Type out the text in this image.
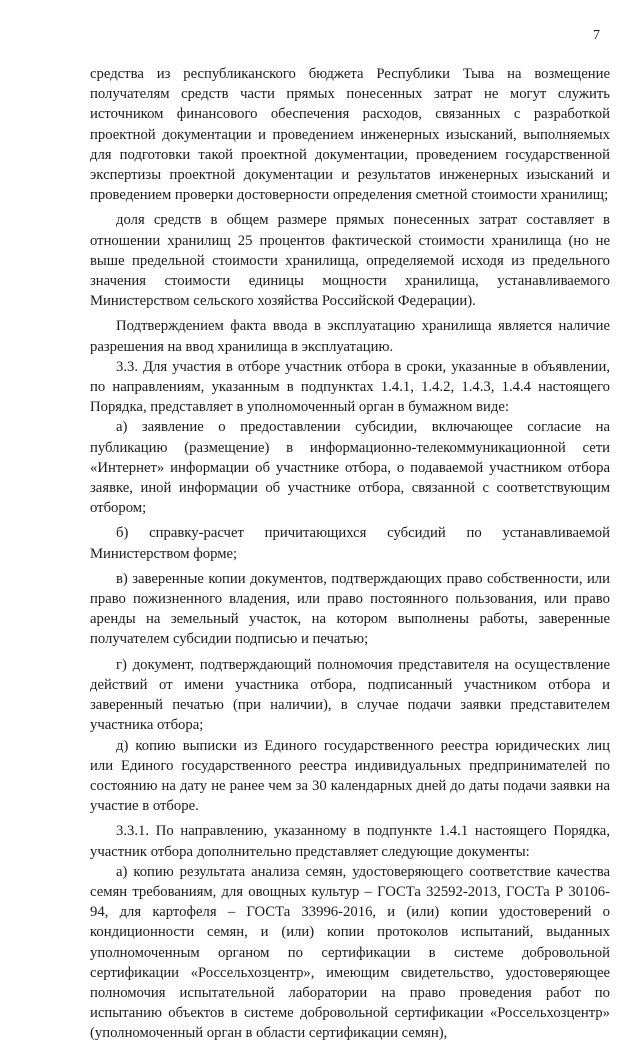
7

средства из республиканского бюджета Республики Тыва на возмещение получателям средств части прямых понесенных затрат не могут служить источником финансового обеспечения расходов, связанных с разработкой проектной документации и проведением инженерных изысканий, выполняемых для подготовки такой проектной документации, проведением государственной экспертизы проектной документации и результатов инженерных изысканий и проведением проверки достоверности определения сметной стоимости хранилищ;

доля средств в общем размере прямых понесенных затрат составляет в отношении хранилищ 25 процентов фактической стоимости хранилища (но не выше предельной стоимости хранилища, определяемой исходя из предельного значения стоимости единицы мощности хранилища, устанавливаемого Министерством сельского хозяйства Российской Федерации).

Подтверждением факта ввода в эксплуатацию хранилища является наличие разрешения на ввод хранилища в эксплуатацию.

3.3. Для участия в отборе участник отбора в сроки, указанные в объявлении, по направлениям, указанным в подпунктах 1.4.1, 1.4.2, 1.4.3, 1.4.4 настоящего Порядка, представляет в уполномоченный орган в бумажном виде:

а) заявление о предоставлении субсидии, включающее согласие на публикацию (размещение) в информационно-телекоммуникационной сети «Интернет» информации об участнике отбора, о подаваемой участником отбора заявке, иной информации об участнике отбора, связанной с соответствующим отбором;

б) справку-расчет причитающихся субсидий по устанавливаемой Министерством форме;

в) заверенные копии документов, подтверждающих право собственности, или право пожизненного владения, или право постоянного пользования, или право аренды на земельный участок, на котором выполнены работы, заверенные получателем субсидии подписью и печатью;

г) документ, подтверждающий полномочия представителя на осуществление действий от имени участника отбора, подписанный участником отбора и заверенный печатью (при наличии), в случае подачи заявки представителем участника отбора;

д) копию выписки из Единого государственного реестра юридических лиц или Единого государственного реестра индивидуальных предпринимателей по состоянию на дату не ранее чем за 30 календарных дней до даты подачи заявки на участие в отборе.

3.3.1. По направлению, указанному в подпункте 1.4.1 настоящего Порядка, участник отбора дополнительно представляет следующие документы:

а) копию результата анализа семян, удостоверяющего соответствие качества семян требованиям, для овощных культур – ГОСТа 32592-2013, ГОСТа Р 30106-94, для картофеля – ГОСТа 33996-2016, и (или) копии удостоверений о кондиционности семян, и (или) копии протоколов испытаний, выданных уполномоченным органом по сертификации в системе добровольной сертификации «Россельхозцентр», имеющим свидетельство, удостоверяющее полномочия испытательной лаборатории на право проведения работ по испытанию объектов в системе добровольной сертификации «Россельхозцентр» (уполномоченный орган в области сертификации семян),
